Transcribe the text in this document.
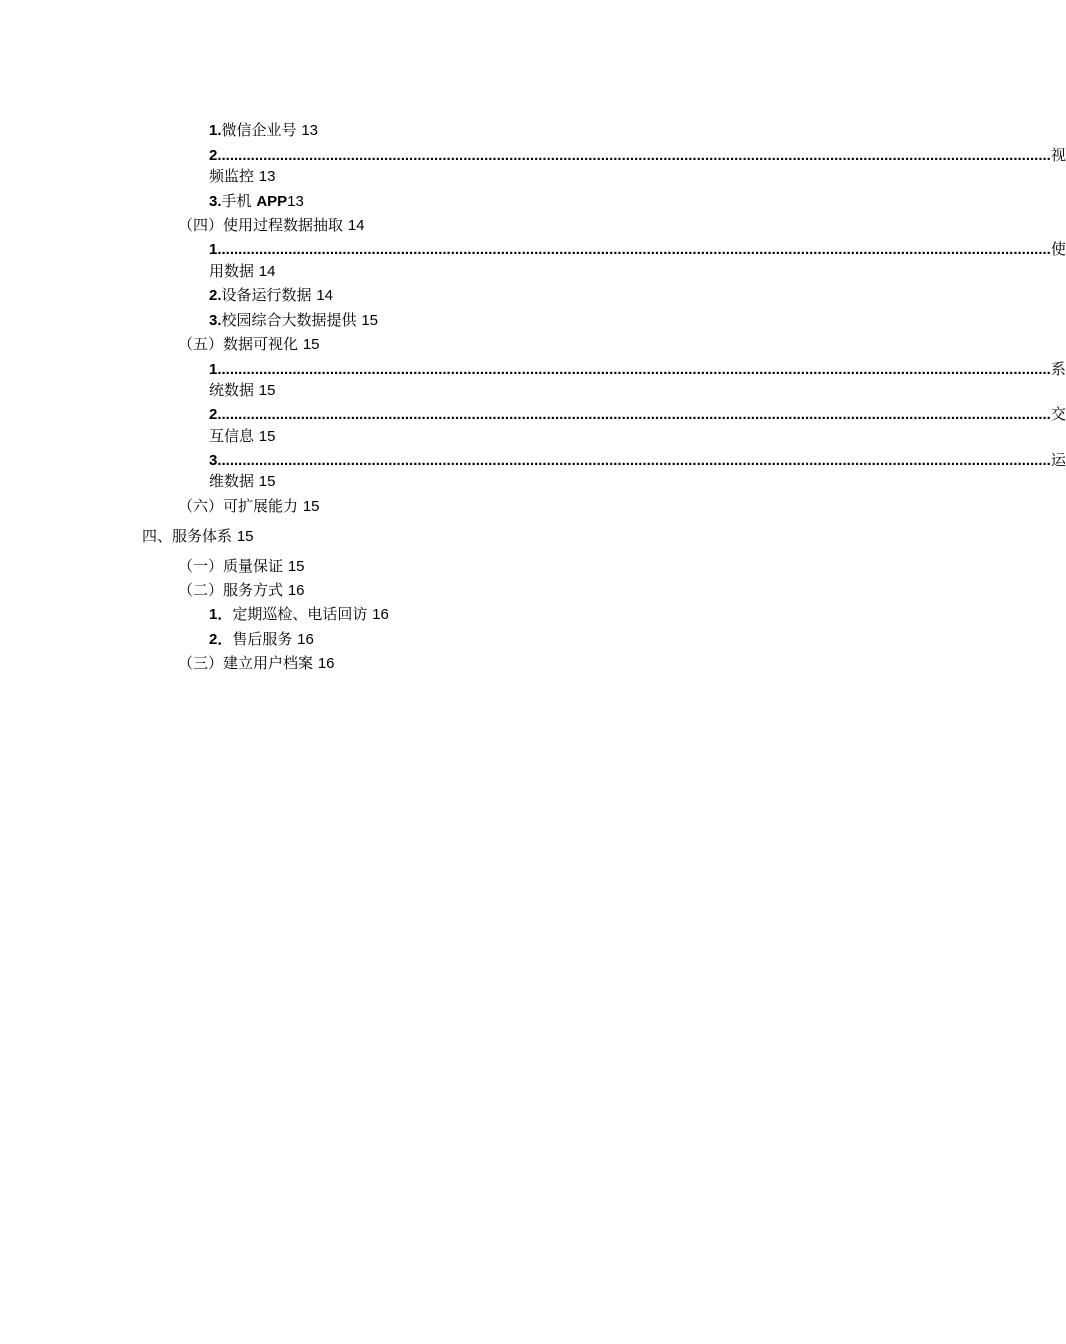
1.微信企业号 13
2 ........................................................................................................................................................................................................ 视
频监控 13
3.手机 APP13
（四）使用过程数据抽取 14
1 ........................................................................................................................................................................................................ 使
用数据 14
2.设备运行数据 14
3.校园综合大数据提供 15
（五）数据可视化 15
1 ........................................................................................................................................................................................................ 系
统数据 15
2 ........................................................................................................................................................................................................ 交
互信息 15
3 ........................................................................................................................................................................................................ 运
维数据 15
（六）可扩展能力 15
四、服务体系 15
（一）质量保证 15
（二）服务方式 16
1．定期巡检、电话回访 16
2．售后服务 16
（三）建立用户档案 16
